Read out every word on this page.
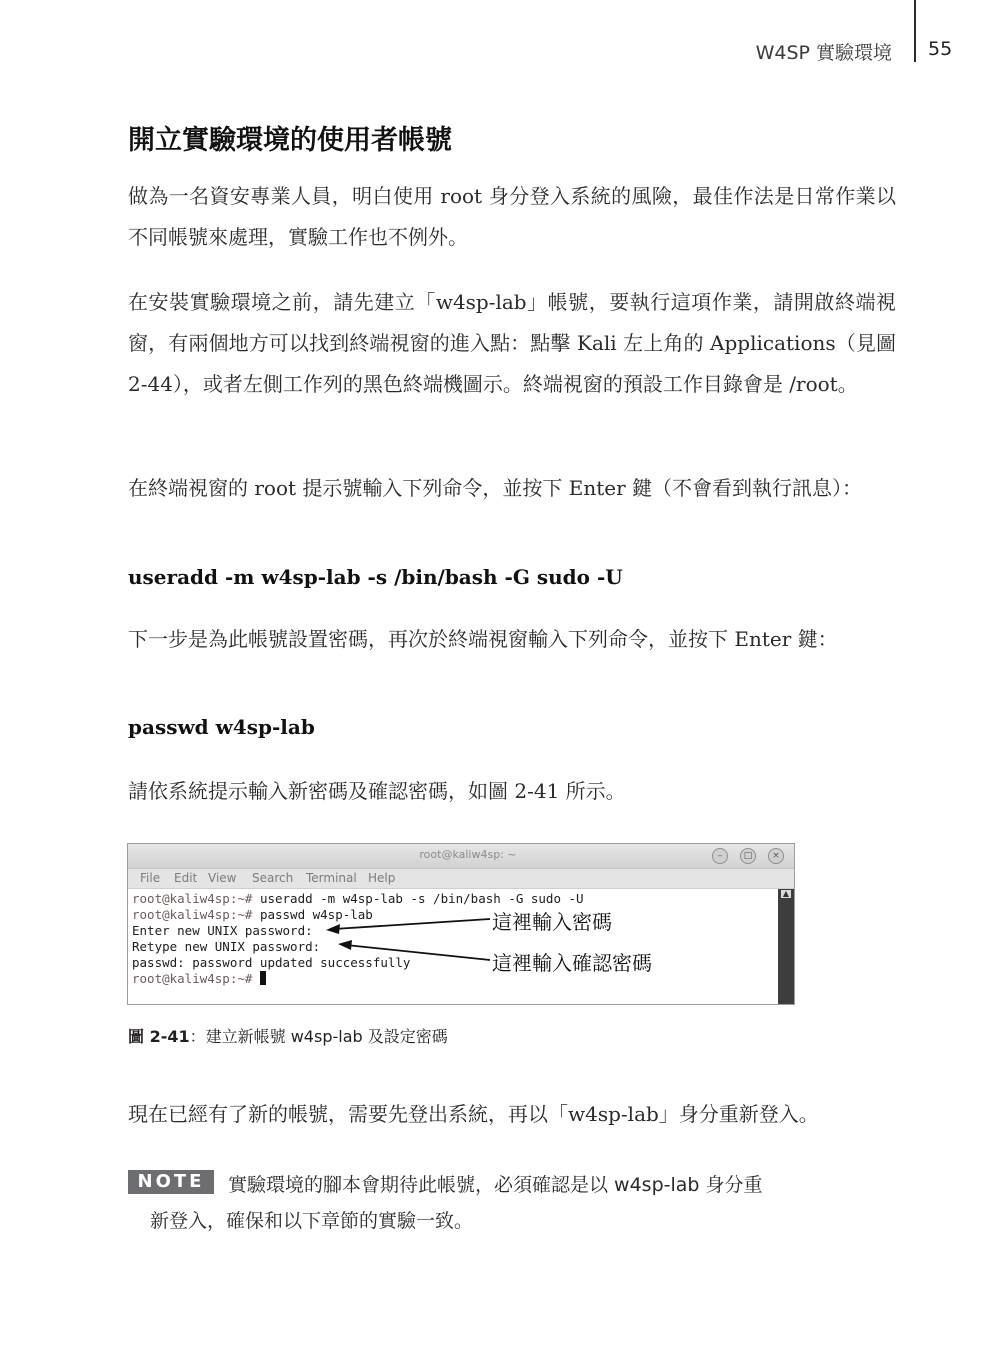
W4SP 實驗環境 55
開立實驗環境的使用者帳號

做為一名資安專業人員，明白使用 root 身分登入系統的風險，最佳作法是日常作業以不同帳號來處理，實驗工作也不例外。

在安裝實驗環境之前，請先建立「w4sp-lab」帳號，要執行這項作業，請開啟終端視窗，有兩個地方可以找到終端視窗的進入點：點擊 Kali 左上角的 Applications（見圖 2-44），或者左側工作列的黑色終端機圖示。終端視窗的預設工作目錄會是 /root。

在終端視窗的 root 提示號輸入下列命令，並按下 Enter 鍵（不會看到執行訊息）：

useradd -m w4sp-lab -s /bin/bash -G sudo -U

下一步是為此帳號設置密碼，再次於終端視窗輸入下列命令，並按下 Enter 鍵：

passwd w4sp-lab

請依系統提示輸入新密碼及確認密碼，如圖 2-41 所示。

root@kaliw4sp: ~	–	□	×
File Edit View Search Terminal Help
root@kaliw4sp:~# useradd -m w4sp-lab -s /bin/bash -G sudo -U
root@kaliw4sp:~# passwd w4sp-lab
Enter new UNIX password:
Retype new UNIX password:
passwd: password updated successfully
root@kaliw4sp:~#
▲
這裡輸入密碼
這裡輸入確認密碼
圖 2-41：建立新帳號 w4sp-lab 及設定密碼

現在已經有了新的帳號，需要先登出系統，再以「w4sp-lab」身分重新登入。

NOTE	實驗環境的腳本會期待此帳號，必須確認是以 w4sp-lab 身分重
新登入，確保和以下章節的實驗一致。
